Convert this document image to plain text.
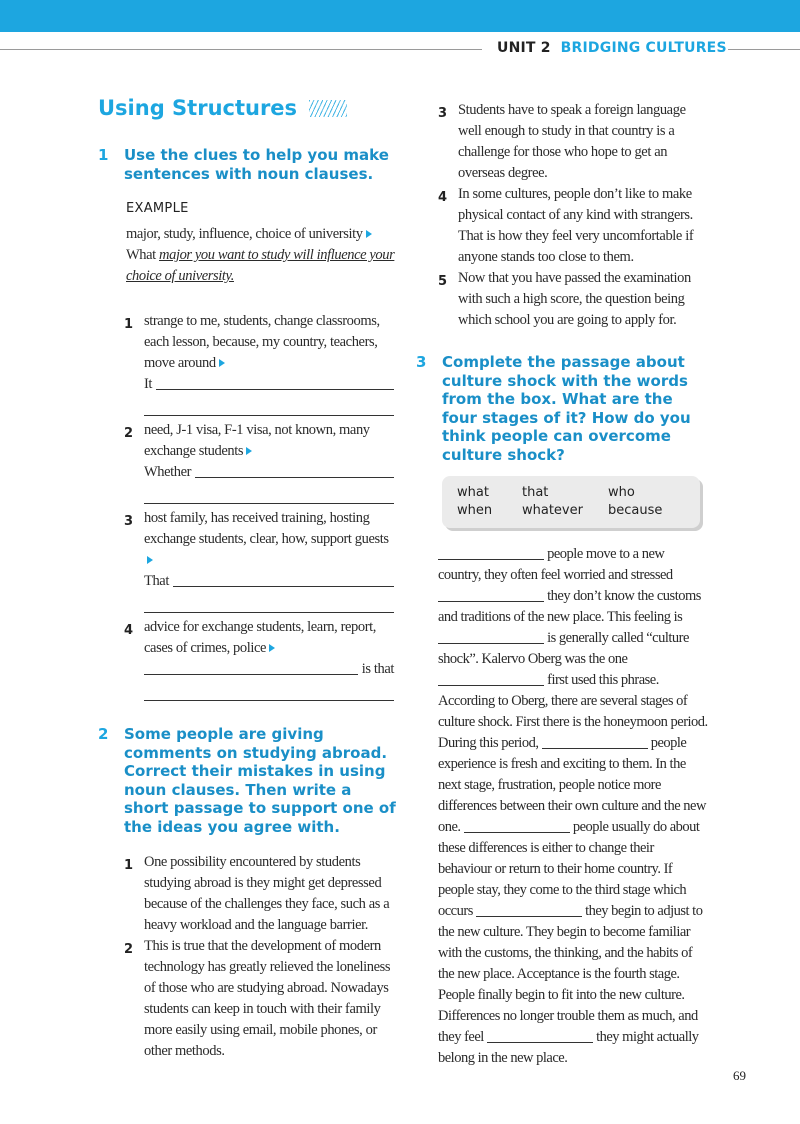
UNIT 2 BRIDGING CULTURES
Using Structures
1	Use the clues to help you make sentences with noun clauses.
EXAMPLE
major, study, influence, choice of university
What major you want to study will influence your choice of university.
1 strange to me, students, change classrooms, each lesson, because, my country, teachers, move around
It
2 need, J-1 visa, F-1 visa, not known, many exchange students
Whether
3 host family, has received training, hosting exchange students, clear, how, support guests
That
4 advice for exchange students, learn, report, cases of crimes, police
is that
2	Some people are giving comments on studying abroad. Correct their mistakes in using noun clauses. Then write a short passage to support one of the ideas you agree with.
1 One possibility encountered by students studying abroad is they might get depressed because of the challenges they face, such as a heavy workload and the language barrier.
2 This is true that the development of modern technology has greatly relieved the loneliness of those who are studying abroad. Nowadays students can keep in touch with their family more easily using email, mobile phones, or other methods.
3 Students have to speak a foreign language well enough to study in that country is a challenge for those who hope to get an overseas degree.
4 In some cultures, people don’t like to make physical contact of any kind with strangers. That is how they feel very uncomfortable if anyone stands too close to them.
5 Now that you have passed the examination with such a high score, the question being which school you are going to apply for.
3 Complete the passage about culture shock with the words from the box. What are the four stages of it? How do you think people can overcome culture shock?
what	that	who
when whatever because
people move to a new country, they often feel worried and stressed  they don’t know the customs and traditions of the new place. This feeling is  is generally called “culture shock”. Kalervo Oberg was the one  first used this phrase. According to Oberg, there are several stages of culture shock. First there is the honeymoon period. During this period,	people experience is fresh and exciting to them. In the next stage, frustration, people notice more differences between their own culture and the new one.	people usually do about these differences is either to change their behaviour or return to their home country. If people stay, they come to the third stage which occurs	they begin to adjust to the new culture. They begin to become familiar with the customs, the thinking, and the habits of the new place. Acceptance is the fourth stage. People finally begin to fit into the new culture. Differences no longer trouble them as much, and they feel	they might actually belong in the new place.
69
